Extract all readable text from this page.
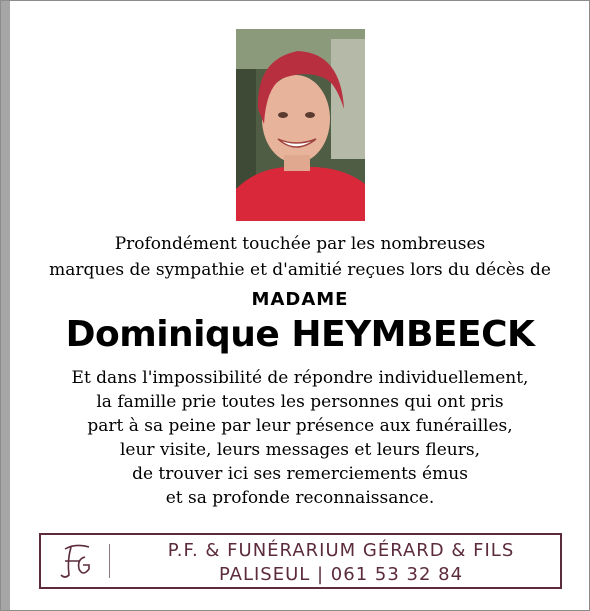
Profondément touchée par les nombreuses
marques de sympathie et d'amitié reçues lors du décès de
MADAME
Dominique HEYMBEECK
Et dans l'impossibilité de répondre individuellement,
la famille prie toutes les personnes qui ont pris
part à sa peine par leur présence aux funérailles,
leur visite, leurs messages et leurs fleurs,
de trouver ici ses remerciements émus
et sa profonde reconnaissance.
P.F. & FUNÉRARIUM GÉRARD & FILS
PALISEUL | 061 53 32 84
